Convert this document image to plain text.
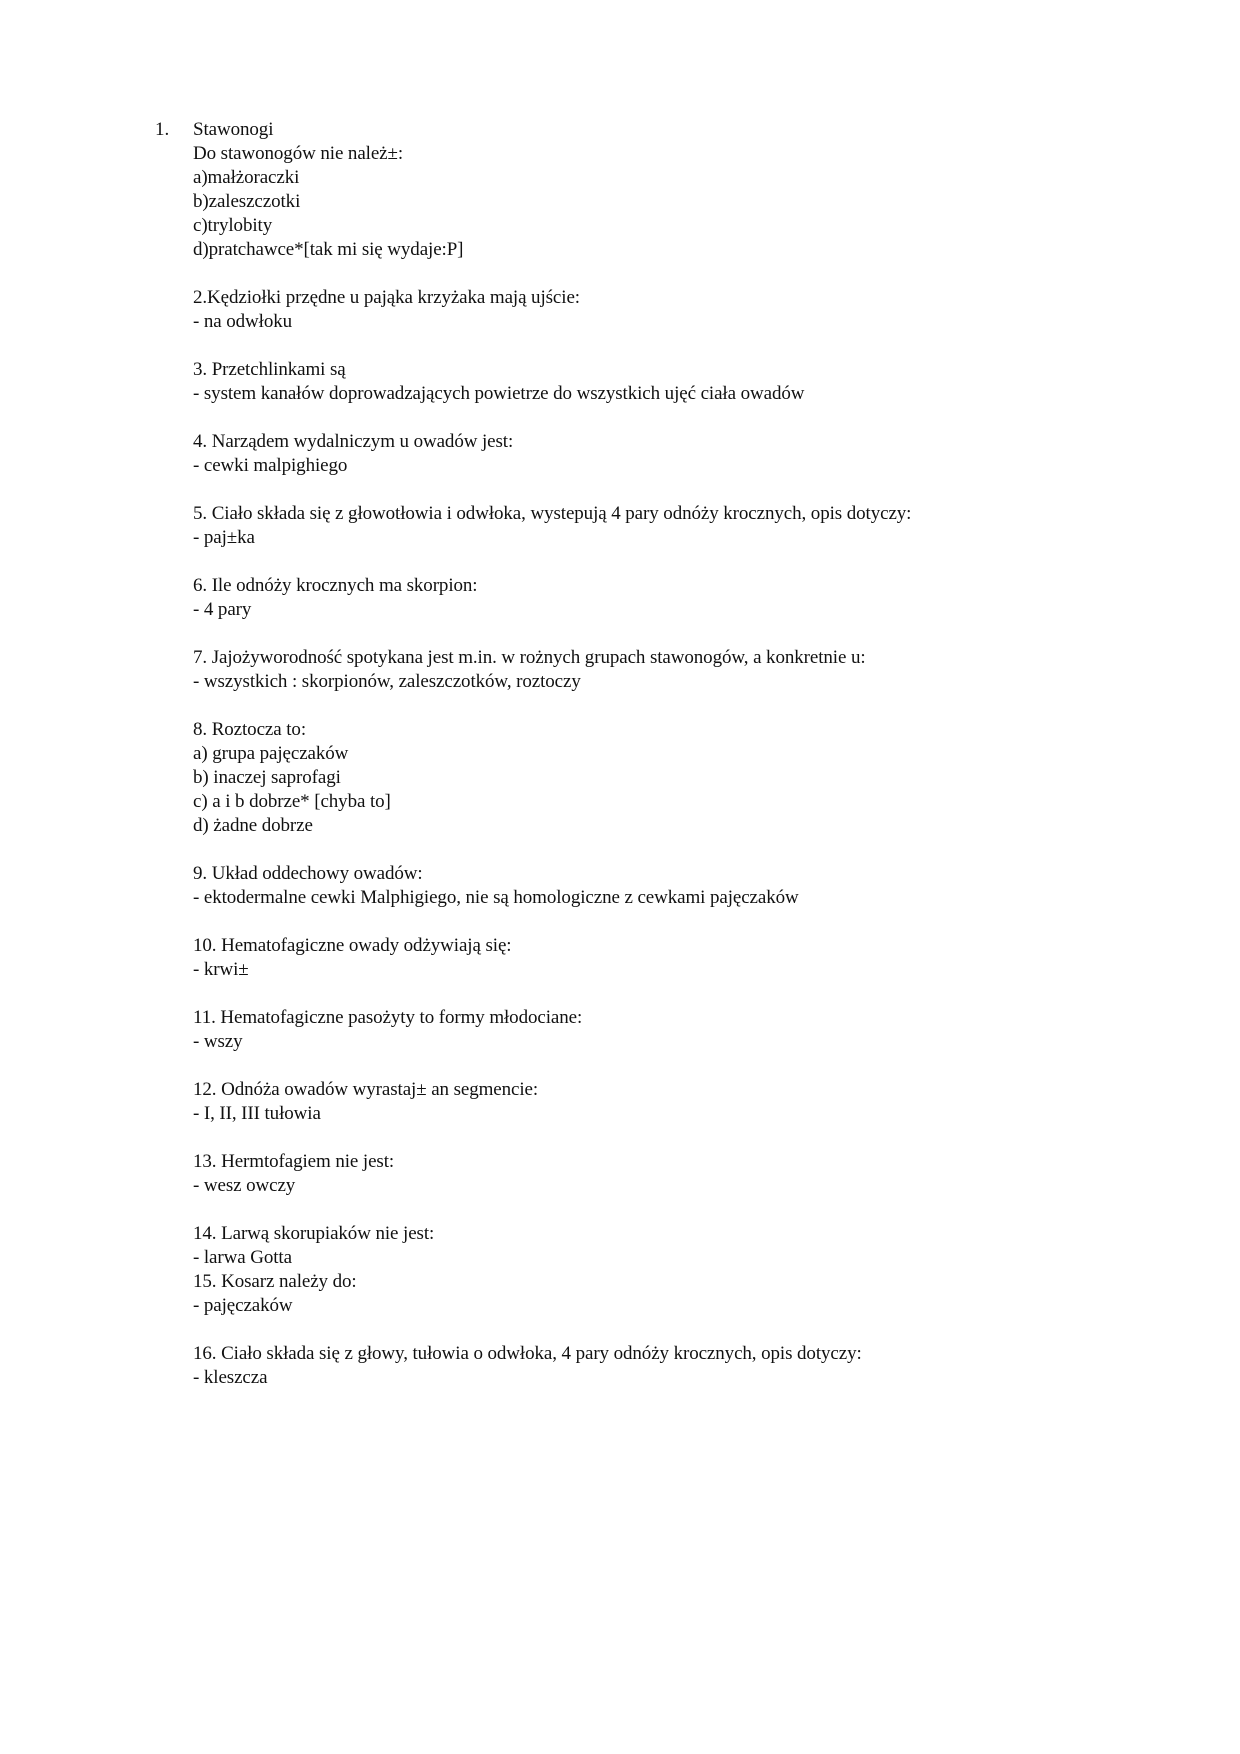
1. Stawonogi
Do stawonogów nie należ±:
a)małżoraczki
b)zaleszczotki
c)trylobity
d)pratchawce*[tak mi się wydaje:P]
2.Kędziołki przędne u pająka krzyżaka mają ujście:
- na odwłoku
3. Przetchlinkami są
- system kanałów doprowadzających powietrze do wszystkich ujęć ciała owadów
4. Narządem wydalniczym u owadów jest:
- cewki malpighiego
5. Ciało składa się z głowotłowia i odwłoka, wystepują 4 pary odnóży krocznych, opis dotyczy:
- paj±ka
6. Ile odnóży krocznych ma skorpion:
- 4 pary
7. Jajożyworodność spotykana jest m.in. w rożnych grupach stawonogów, a konkretnie u:
- wszystkich : skorpionów, zaleszczotków, roztoczy
8. Roztocza to:
a) grupa pajęczaków
b) inaczej saprofagi
c) a i b dobrze* [chyba to]
d) żadne dobrze
9. Układ oddechowy owadów:
- ektodermalne cewki Malphigiego, nie są homologiczne z cewkami pajęczaków
10. Hematofagiczne owady odżywiają się:
- krwi±
11. Hematofagiczne pasożyty to formy młodociane:
- wszy
12. Odnóża owadów wyrastaj± an segmencie:
- I, II, III tułowia
13. Hermtofagiem nie jest:
- wesz owczy
14. Larwą skorupiaków nie jest:
- larwa Gotta
15. Kosarz należy do:
- pajęczaków
16. Ciało składa się z głowy, tułowia o odwłoka, 4 pary odnóży krocznych, opis dotyczy:
- kleszcza
